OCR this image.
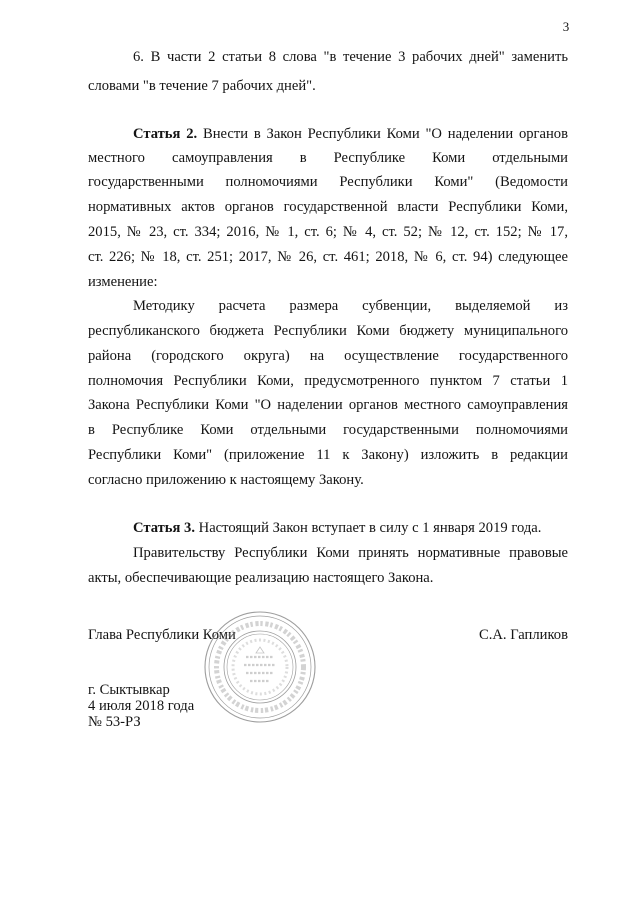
3
6. В части 2 статьи 8 слова "в течение 3 рабочих дней" заменить
словами "в течение 7 рабочих дней".
Статья 2. Внести в Закон Республики Коми "О наделении органов
местного самоуправления в Республике Коми отдельными
государственными полномочиями Республики Коми" (Ведомости
нормативных актов органов государственной власти Республики Коми,
2015, № 23, ст. 334; 2016, № 1, ст. 6; № 4, ст. 52; № 12, ст. 152; № 17,
ст. 226; № 18, ст. 251; 2017, № 26, ст. 461; 2018, № 6, ст. 94) следующее
изменение:
Методику расчета размера субвенции, выделяемой из
республиканского бюджета Республики Коми бюджету муниципального
района (городского округа) на осуществление государственного
полномочия Республики Коми, предусмотренного пунктом 7 статьи 1
Закона Республики Коми "О наделении органов местного самоуправления
в Республике Коми отдельными государственными полномочиями
Республики Коми" (приложение 11 к Закону) изложить в редакции
согласно приложению к настоящему Закону.
Статья 3. Настоящий Закон вступает в силу с 1 января 2019 года.
Правительству Республики Коми принять нормативные правовые
акты, обеспечивающие реализацию настоящего Закона.
Глава Республики Коми	С.А. Гапликов
г. Сыктывкар
4 июля 2018 года
№ 53-РЗ
